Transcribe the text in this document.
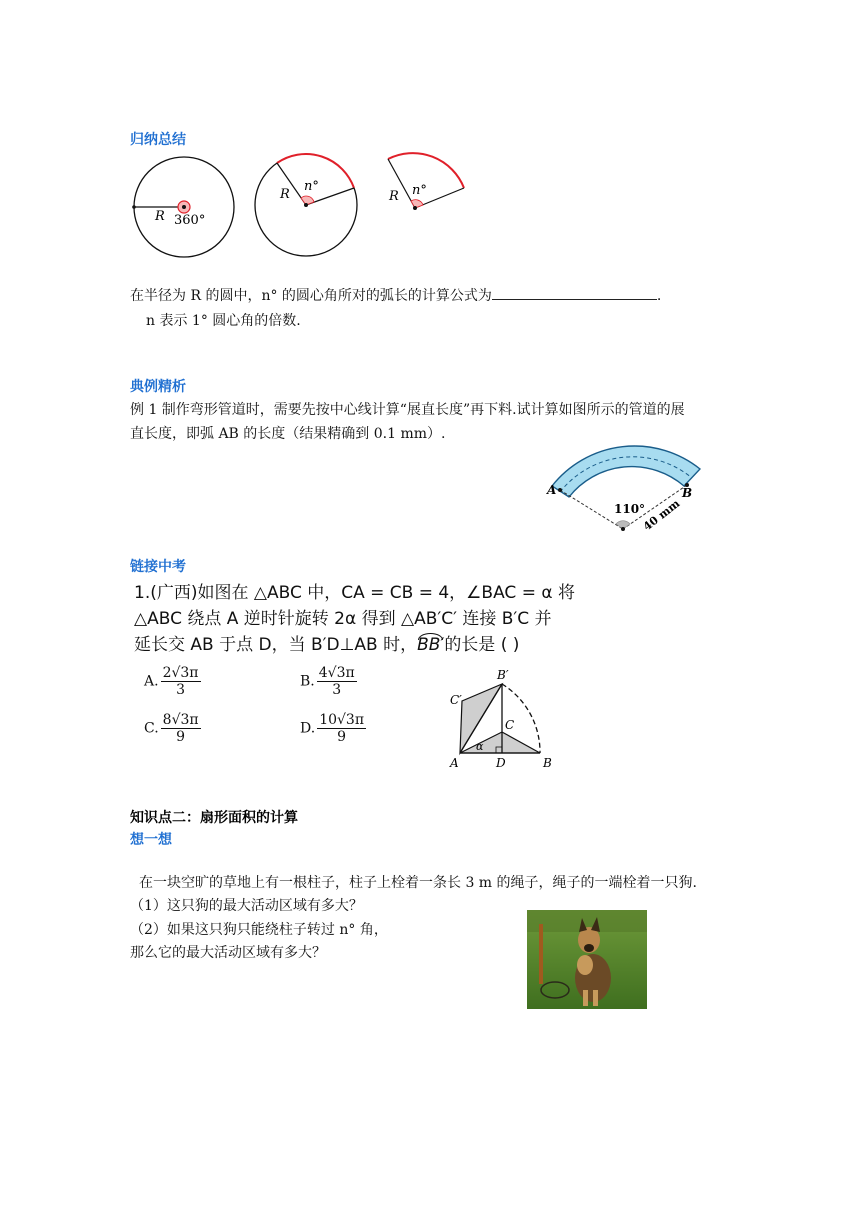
归纳总结
R 360°
R
n°
R n°
在半径为 R 的圆中，n° 的圆心角所对的弧长的计算公式为	.
n 表示 1° 圆心角的倍数.
典例精析
例 1 制作弯形管道时，需要先按中心线计算“展直长度”再下料.试计算如图所示的管道的展
直长度，即弧 AB 的长度（结果精确到 0.1 mm）.
A	B
110°
40 mm
链接中考
1.(广西)如图在 △ABC 中，CA = CB = 4，∠BAC = α 将
△ABC 绕点 A 逆时针旋转 2α 得到 △AB′C′ 连接 B′C 并
延长交 AB 于点 D，当 B′D⊥AB 时，
BB′的长是 ( )
A. $\frac{2√3\pi}{3}$	B. $\frac{4√3\pi}{3}$
C. $\frac{8√3\pi}{9}$	D. $\frac{10√3\pi}{9}$
A	D	B
C
B′
C′
α
知识点二：扇形面积的计算
想一想
在一块空旷的草地上有一根柱子，柱子上栓着一条长 3 m 的绳子，绳子的一端栓着一只狗.
（1）这只狗的最大活动区域有多大？
（2）如果这只狗只能绕柱子转过 n° 角，
那么它的最大活动区域有多大？
